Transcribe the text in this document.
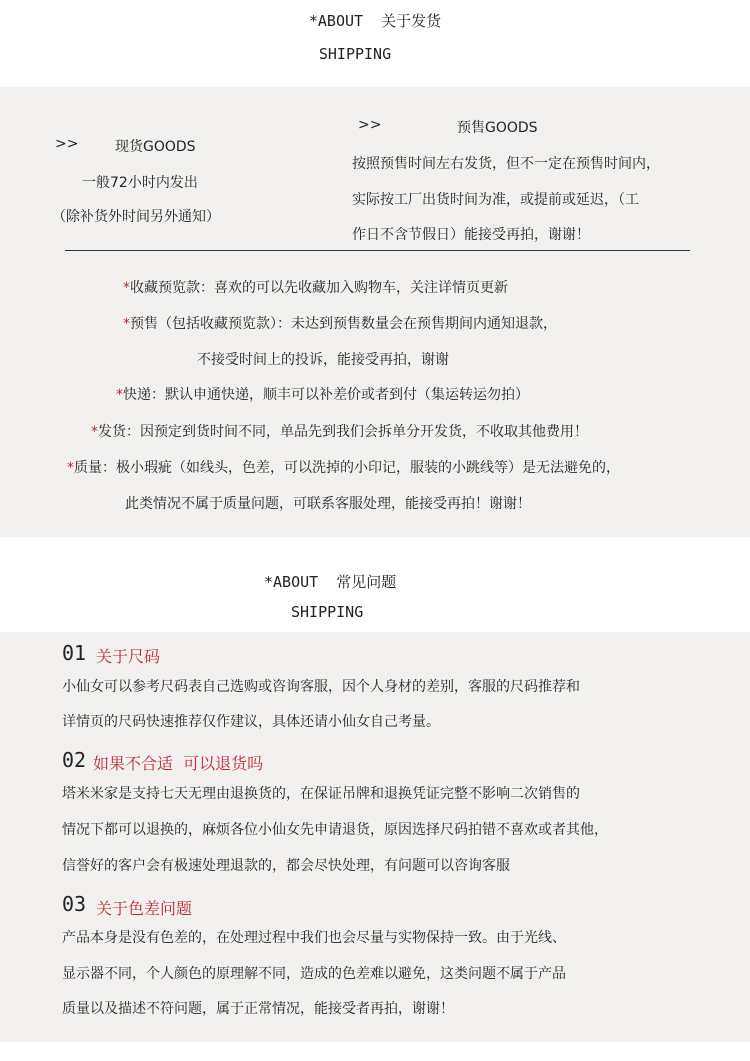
*ABOUT  关于发货
SHIPPING
>>	现货GOODS
一般72小时内发出
（除补货外时间另外通知）
>>	预售GOODS
按照预售时间左右发货，但不一定在预售时间内，
实际按工厂出货时间为准，或提前或延迟，（工
作日不含节假日）能接受再拍，谢谢！
*收藏预览款：喜欢的可以先收藏加入购物车，关注详情页更新
*预售（包括收藏预览款）：未达到预售数量会在预售期间内通知退款，
不接受时间上的投诉，能接受再拍，谢谢
*快递：默认申通快递，顺丰可以补差价或者到付（集运转运勿拍）
*发货：因预定到货时间不同，单品先到我们会拆单分开发货，不收取其他费用！
*质量：极小瑕疵（如线头，色差，可以洗掉的小印记，服装的小跳线等）是无法避免的，
此类情况不属于质量问题，可联系客服处理，能接受再拍！谢谢！
*ABOUT  常见问题
SHIPPING
01 关于尺码
小仙女可以参考尺码表自己选购或咨询客服，因个人身材的差别，客服的尺码推荐和
详情页的尺码快速推荐仅作建议，具体还请小仙女自己考量。
02 如果不合适  可以退货吗
塔米米家是支持七天无理由退换货的，在保证吊牌和退换凭证完整不影响二次销售的
情况下都可以退换的，麻烦各位小仙女先申请退货，原因选择尺码拍错不喜欢或者其他，
信誉好的客户会有极速处理退款的，都会尽快处理，有问题可以咨询客服
03 关于色差问题
产品本身是没有色差的，在处理过程中我们也会尽量与实物保持一致。由于光线、
显示器不同，个人颜色的原理解不同，造成的色差难以避免，这类问题不属于产品
质量以及描述不符问题，属于正常情况，能接受者再拍，谢谢！
